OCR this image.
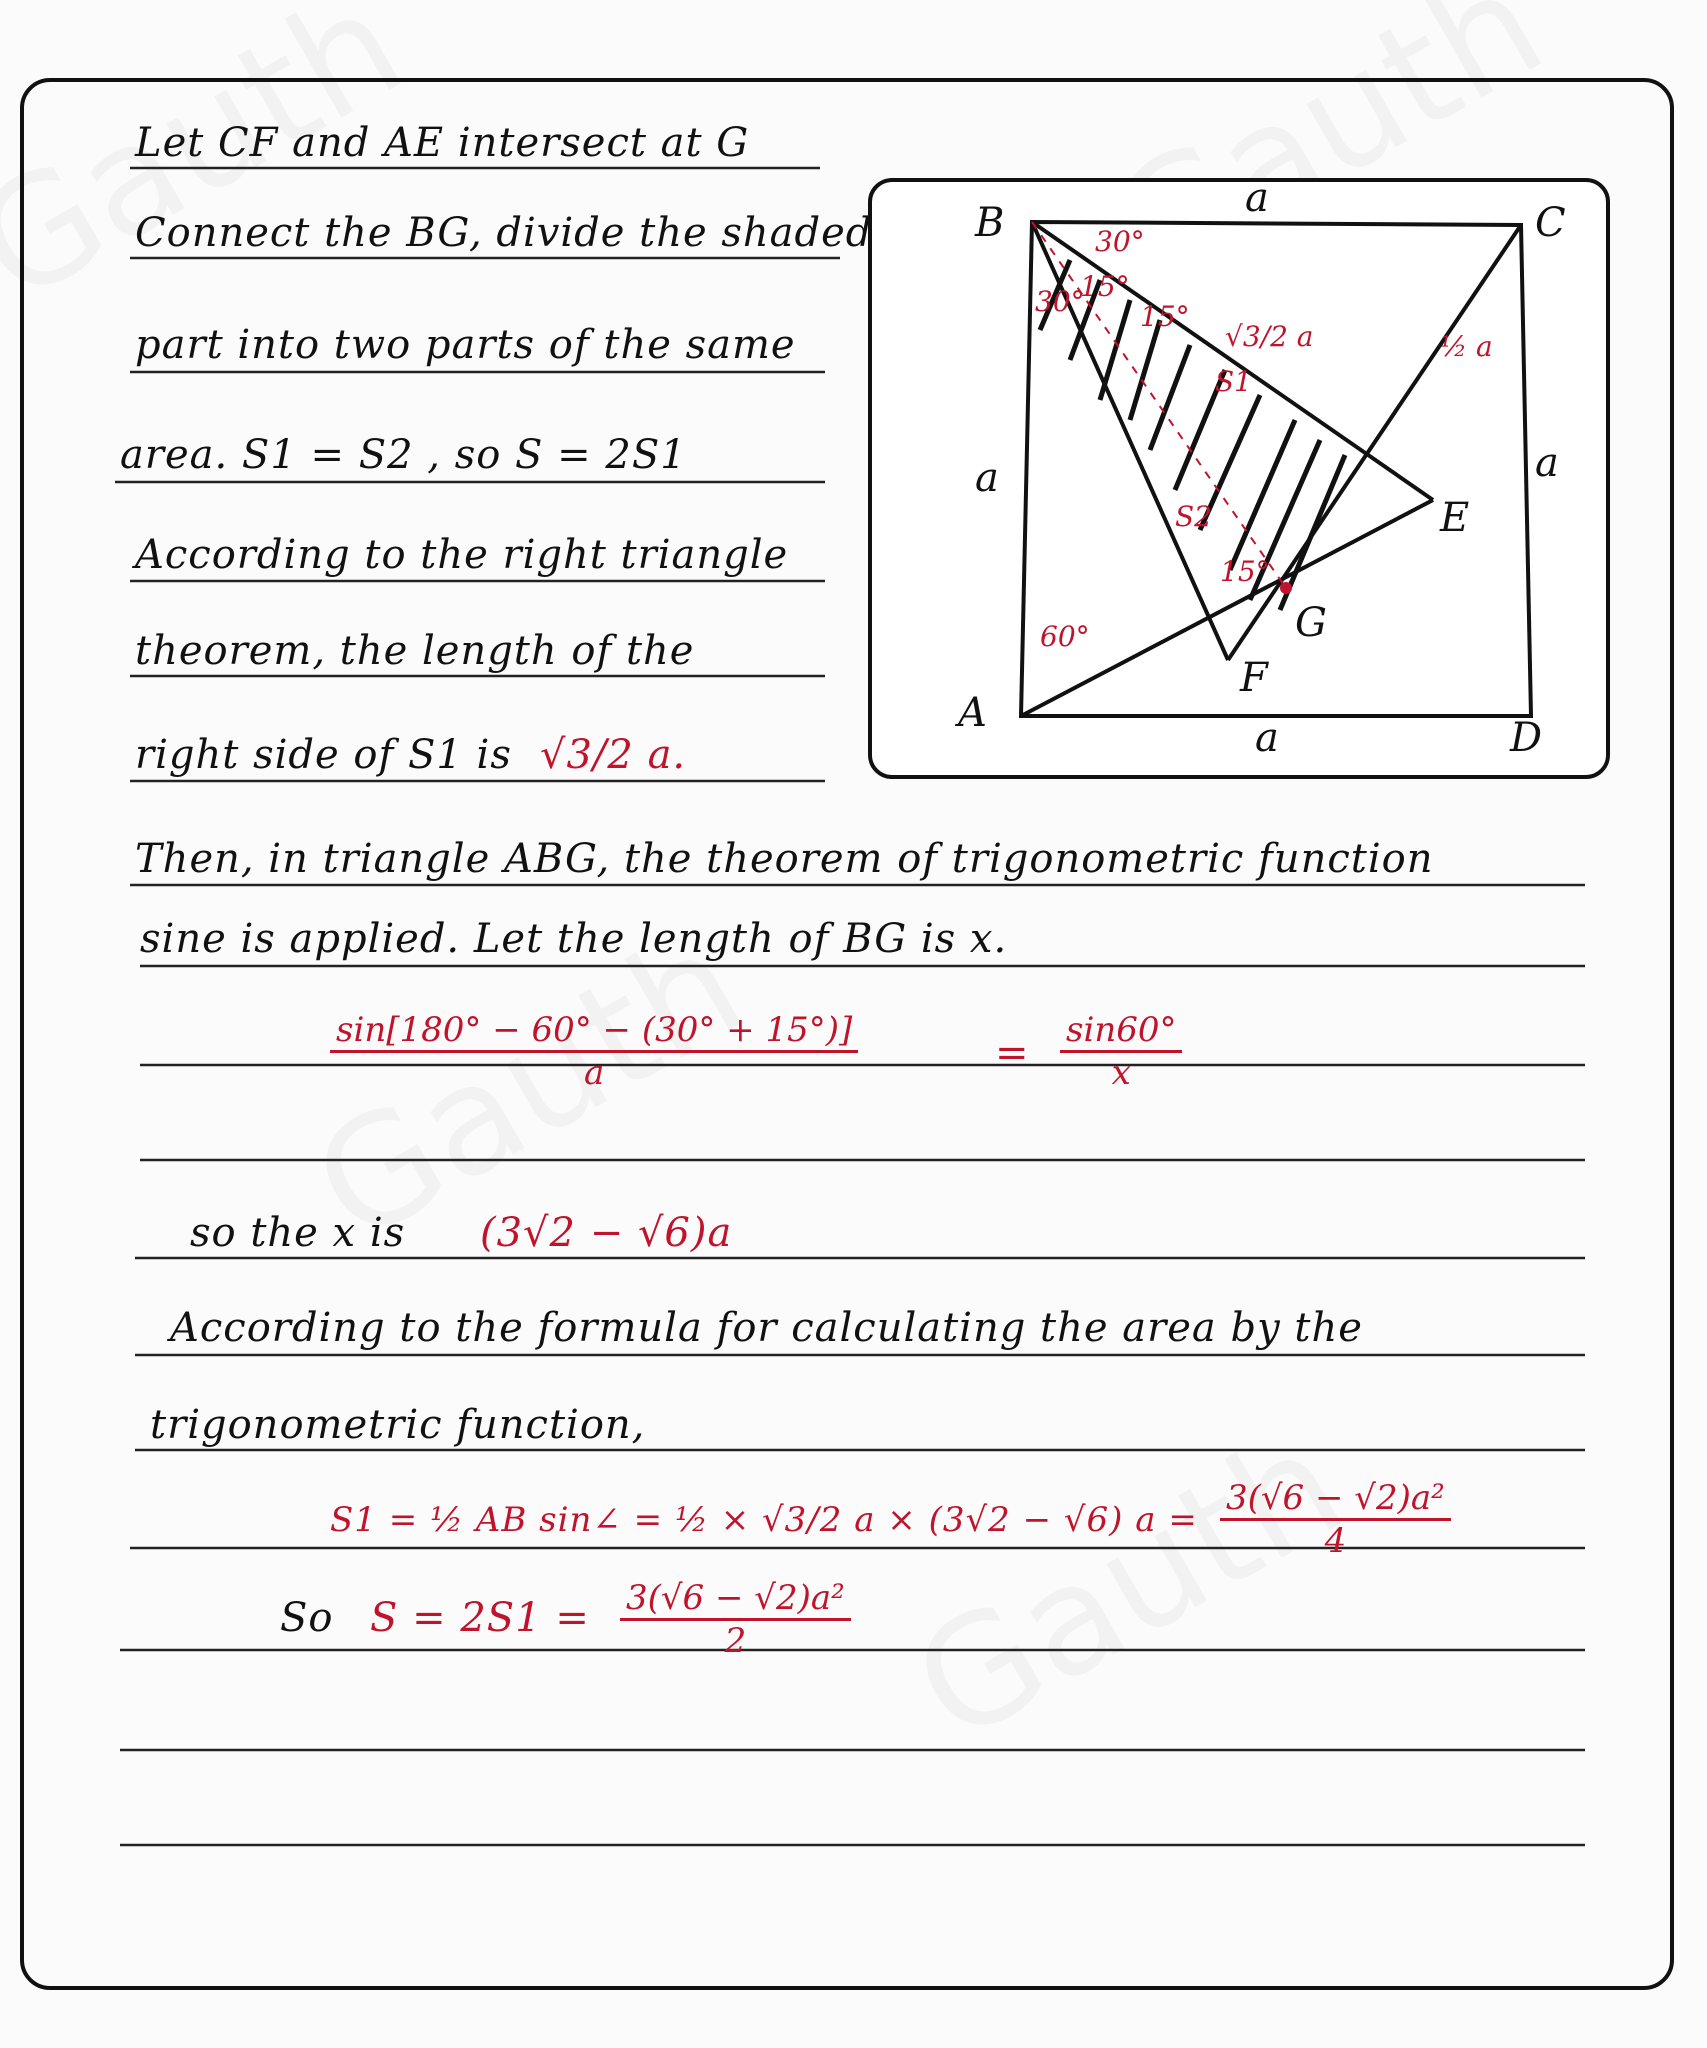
Let CF and AE intersect at G
Connect the BG, divide the shaded
part into two parts of the same
area. S1 = S2 , so S = 2S1
According to the right triangle
theorem, the length of the
right side of S1 is √3/2 a.
Then, in triangle ABG, the theorem of trigonometric function
sine is applied. Let the length of BG is x.
$\frac{\sin[180^\circ - 60^\circ - (30^\circ + 15^\circ)]}{a}$	= $\frac{\sin 60^\circ}{x}$
so the x is (3√2 − √6)a
According to the formula for calculating the area by the
trigonometric function,
S1 = ½ AB sin∠ = ½ × √3/2 a × (3√2 − √6) $a = \frac{\text{3(√6 − √2)a²}}{4}$
So $S = 2S1 = \frac{\text{3(√6 − √2)a²}}{2}$
B	C
A
D
E
F
G
a
a	a
a
30°
30°
15°
15°
15°
60°
√3/2 a	½ a
S1
S2
